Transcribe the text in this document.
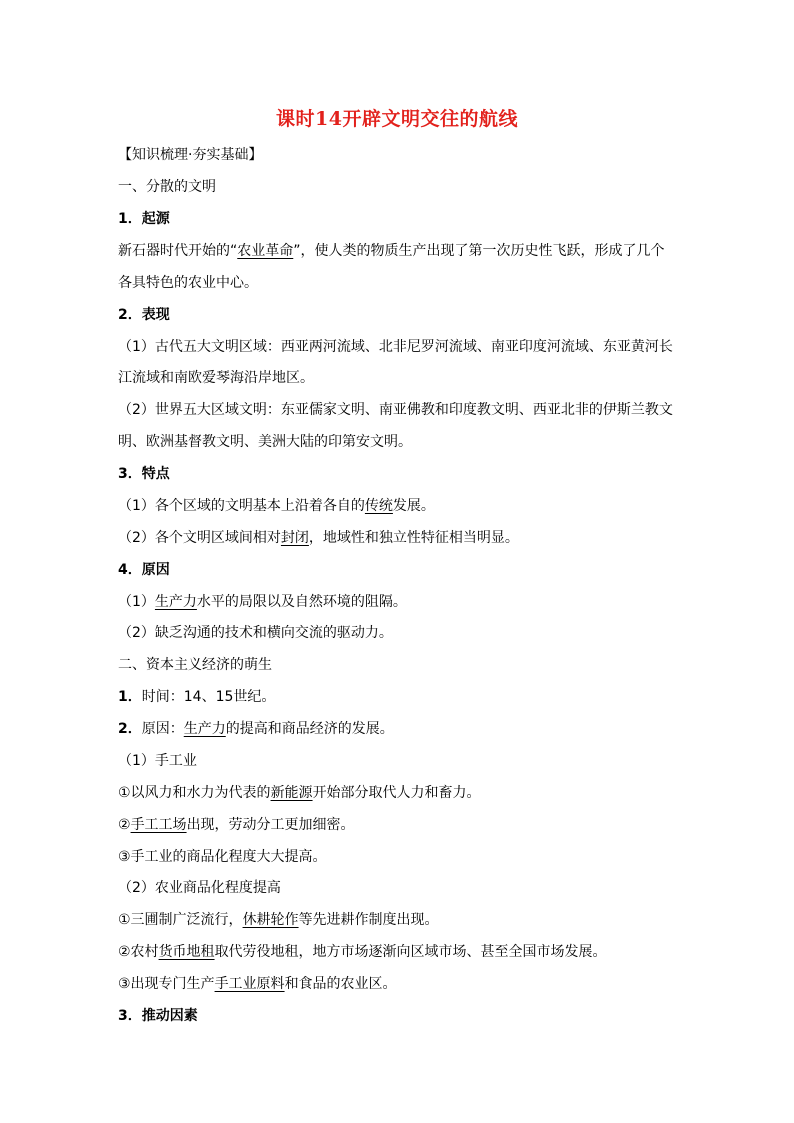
课时14开辟文明交往的航线

【知识梳理·夯实基础】

一、分散的文明

1．起源

新石器时代开始的“农业革命”，使人类的物质生产出现了第一次历史性飞跃，形成了几个

各具特色的农业中心。

2．表现

（1）古代五大文明区域：西亚两河流域、北非尼罗河流域、南亚印度河流域、东亚黄河长

江流域和南欧爱琴海沿岸地区。

（2）世界五大区域文明：东亚儒家文明、南亚佛教和印度教文明、西亚北非的伊斯兰教文

明、欧洲基督教文明、美洲大陆的印第安文明。

3．特点

（1）各个区域的文明基本上沿着各自的传统发展。

（2）各个文明区域间相对封闭，地域性和独立性特征相当明显。

4．原因

（1）生产力水平的局限以及自然环境的阻隔。

（2）缺乏沟通的技术和横向交流的驱动力。

二、资本主义经济的萌生

1．时间：14、15世纪。

2．原因：生产力的提高和商品经济的发展。

（1）手工业

①以风力和水力为代表的新能源开始部分取代人力和畜力。

②手工工场出现，劳动分工更加细密。

③手工业的商品化程度大大提高。

（2）农业商品化程度提高

①三圃制广泛流行，休耕轮作等先进耕作制度出现。

②农村货币地租取代劳役地租，地方市场逐渐向区域市场、甚至全国市场发展。

③出现专门生产手工业原料和食品的农业区。

3．推动因素
